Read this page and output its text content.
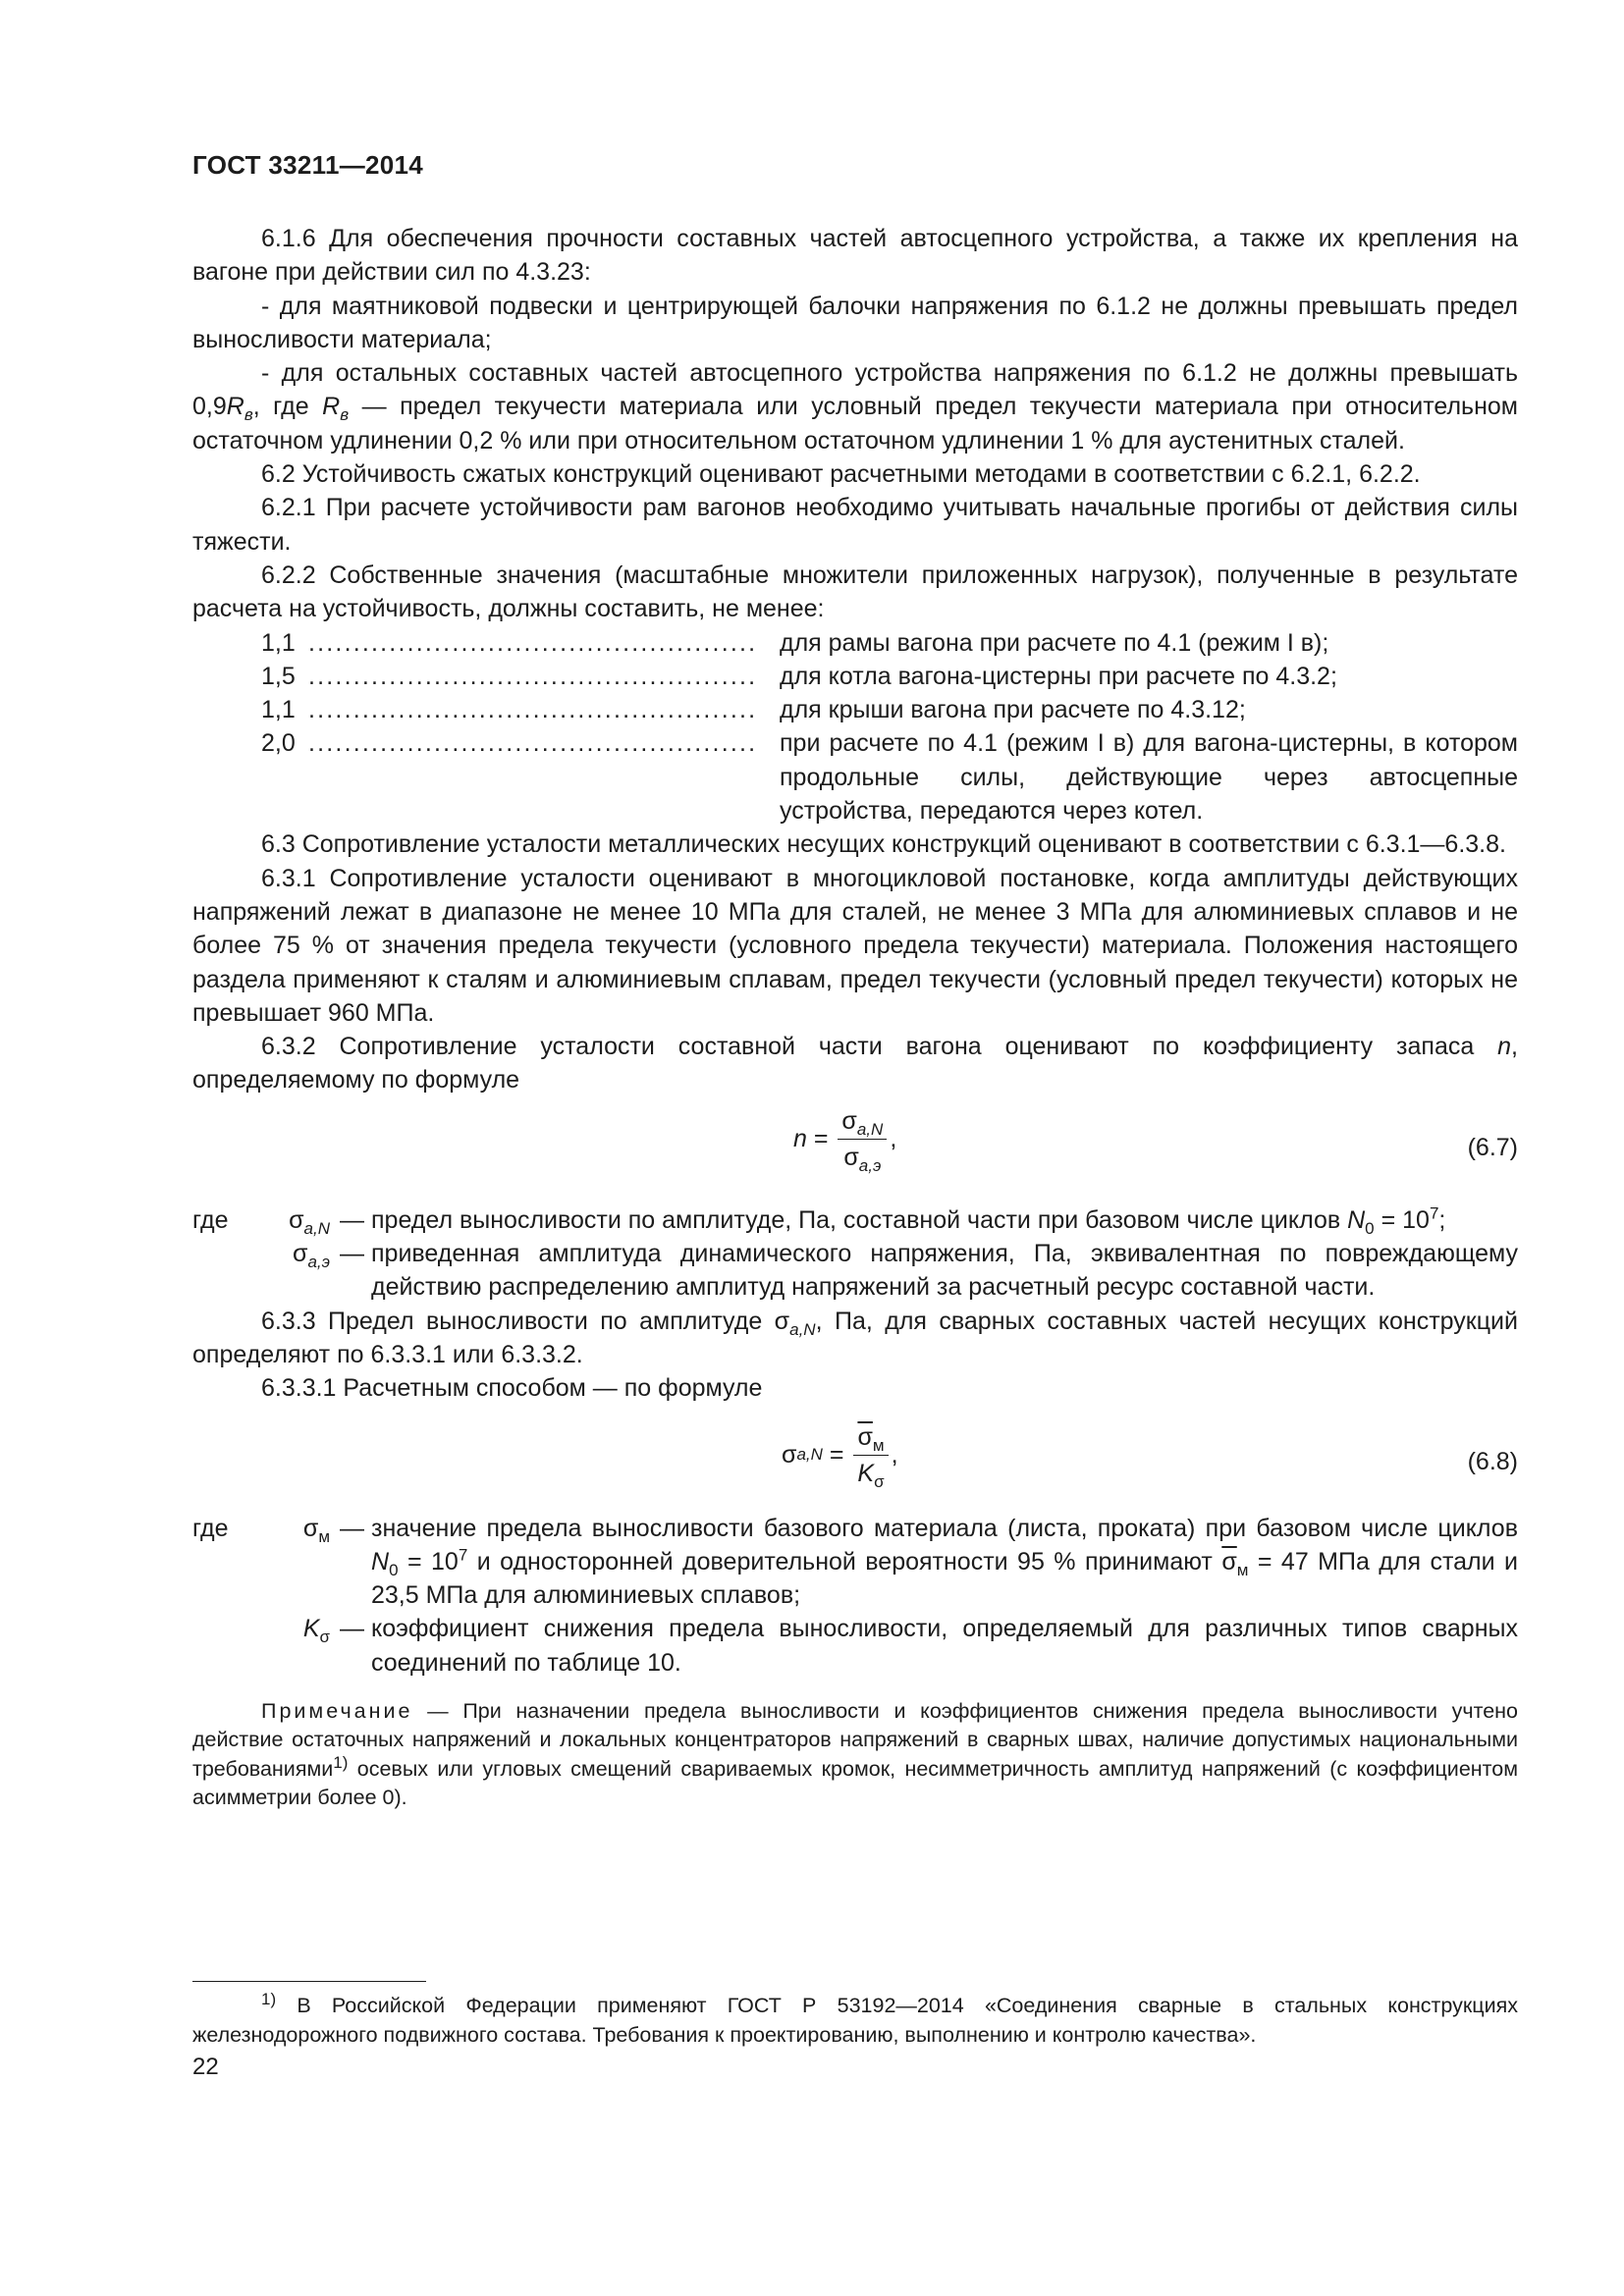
ГОСТ 33211—2014

6.1.6 Для обеспечения прочности составных частей автосцепного устройства, а также их крепления на вагоне при действии сил по 4.3.23:

- для маятниковой подвески и центрирующей балочки напряжения по 6.1.2 не должны превышать предел выносливости материала;

- для остальных составных частей автосцепного устройства напряжения по 6.1.2 не должны превышать $0,9R_в$, где $R_в$ — предел текучести материала или условный предел текучести материала при относительном остаточном удлинении 0,2 % или при относительном остаточном удлинении 1 % для аустенитных сталей.

6.2 Устойчивость сжатых конструкций оценивают расчетными методами в соответствии с 6.2.1, 6.2.2.

6.2.1 При расчете устойчивости рам вагонов необходимо учитывать начальные прогибы от действия силы тяжести.

6.2.2 Собственные значения (масштабные множители приложенных нагрузок), полученные в результате расчета на устойчивость, должны составить, не менее:

1,1 .................................................. для рамы вагона при расчете по 4.1 (режим I в);
1,5 .................................................. для котла вагона-цистерны при расчете по 4.3.2;
1,1 .................................................. для крыши вагона при расчете по 4.3.12;
2,0 .................................................. при расчете по 4.1 (режим I в) для вагона-цистерны, в котором продольные силы, действующие через автосцепные устройства, передаются через котел.

6.3 Сопротивление усталости металлических несущих конструкций оценивают в соответствии с 6.3.1—6.3.8.

6.3.1 Сопротивление усталости оценивают в многоцикловой постановке, когда амплитуды действующих напряжений лежат в диапазоне не менее 10 МПа для сталей, не менее 3 МПа для алюминиевых сплавов и не более 75 % от значения предела текучести (условного предела текучести) материала. Положения настоящего раздела применяют к сталям и алюминиевым сплавам, предел текучести (условный предел текучести) которых не превышает 960 МПа.

6.3.2 Сопротивление усталости составной части вагона оценивают по коэффициенту запаса n, определяемому по формуле

n =
$\sigma_{a,N}$
$\sigma_{a,э}$
,	(6.7)
где	$\sigma_{a,N}$ — предел выносливости по амплитуде, Па, составной части при базовом числе циклов $N_0 = 10^7$;
$\sigma_{a,э}$ — приведенная амплитуда динамического напряжения, Па, эквивалентная по повреждающему действию распределению амплитуд напряжений за расчетный ресурс составной части.

6.3.3 Предел выносливости по амплитуде $\sigma_{a,N}$, Па, для сварных составных частей несущих конструкций определяют по 6.3.3.1 или 6.3.3.2.

6.3.3.1 Расчетным способом — по формуле

σ a,N =
$\overline{\sigma}_м$
$K_\sigma$
,	(6.8)
где	$\sigma_м$ — значение предела выносливости базового материала (листа, проката) при базовом числе циклов $N_0 = 10^7$ и односторонней доверительной вероятности 95 % принимают $\overline{\sigma}_м = 47$ МПа для стали и 23,5 МПа для алюминиевых сплавов;
$K_\sigma$ — коэффициент снижения предела выносливости, определяемый для различных типов сварных соединений по таблице 10.

Примечание — При назначении предела выносливости и коэффициентов снижения предела выносливости учтено действие остаточных напряжений и локальных концентраторов напряжений в сварных швах, наличие допустимых национальными требованиями$^{1)}$ осевых или угловых смещений свариваемых кромок, несимметричность амплитуд напряжений (с коэффициентом асимметрии более 0).

$^{1)}$ В Российской Федерации применяют ГОСТ Р 53192—2014 «Соединения сварные в стальных конструкциях железнодорожного подвижного состава. Требования к проектированию, выполнению и контролю качества».

22
